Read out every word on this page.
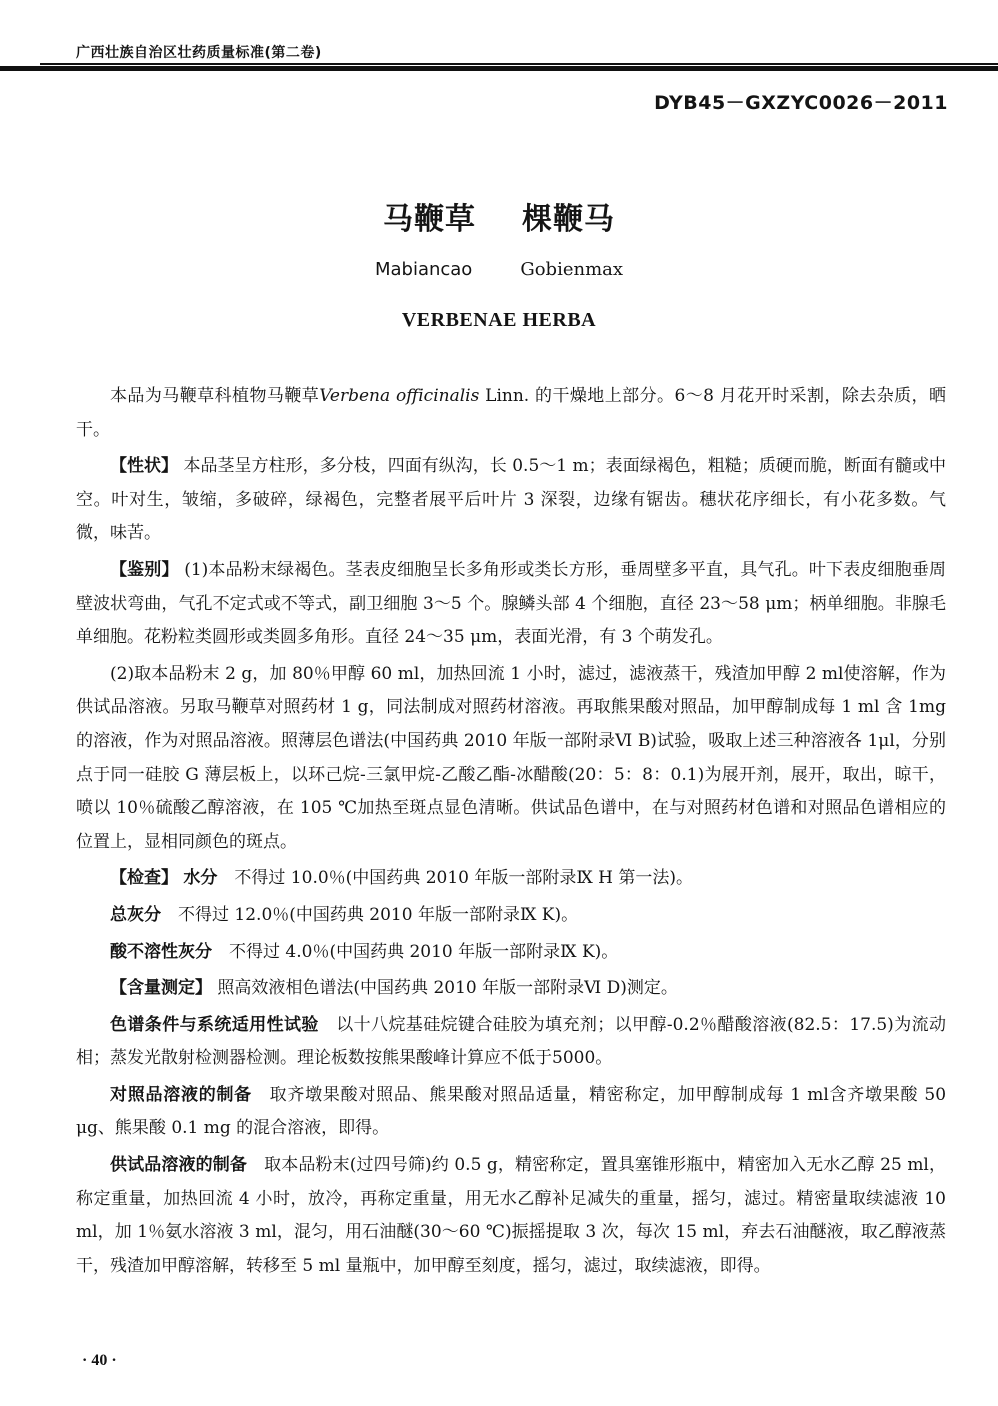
广西壮族自治区壮药质量标准(第二卷)
DYB45－GXZYC0026－2011
马鞭草 棵鞭马
Mabiancao	Gobienmax
VERBENAE HERBA

本品为马鞭草科植物马鞭草Verbena officinalis Linn. 的干燥地上部分。6～8 月花开时采割，除去杂质，晒干。

【性状】 本品茎呈方柱形，多分枝，四面有纵沟，长 0.5～1 m；表面绿褐色，粗糙；质硬而脆，断面有髓或中空。叶对生，皱缩，多破碎，绿褐色，完整者展平后叶片 3 深裂，边缘有锯齿。穗状花序细长，有小花多数。气微，味苦。

【鉴别】 (1)本品粉末绿褐色。茎表皮细胞呈长多角形或类长方形，垂周壁多平直，具气孔。叶下表皮细胞垂周壁波状弯曲，气孔不定式或不等式，副卫细胞 3～5 个。腺鳞头部 4 个细胞，直径 23～58 μm；柄单细胞。非腺毛单细胞。花粉粒类圆形或类圆多角形。直径 24～35 μm，表面光滑，有 3 个萌发孔。

(2)取本品粉末 2 g，加 80％甲醇 60 ml，加热回流 1 小时，滤过，滤液蒸干，残渣加甲醇 2 ml使溶解，作为供试品溶液。另取马鞭草对照药材 1 g，同法制成对照药材溶液。再取熊果酸对照品，加甲醇制成每 1 ml 含 1mg 的溶液，作为对照品溶液。照薄层色谱法(中国药典 2010 年版一部附录Ⅵ B)试验，吸取上述三种溶液各 1μl，分别点于同一硅胶 G 薄层板上，以环己烷-三氯甲烷-乙酸乙酯-冰醋酸(20：5：8：0.1)为展开剂，展开，取出，晾干，喷以 10％硫酸乙醇溶液，在 105 ℃加热至斑点显色清晰。供试品色谱中，在与对照药材色谱和对照品色谱相应的位置上，显相同颜色的斑点。

【检查】 水分　 不得过 10.0％(中国药典 2010 年版一部附录Ⅸ H 第一法)。

总灰分　 不得过 12.0％(中国药典 2010 年版一部附录Ⅸ K)。

酸不溶性灰分　 不得过 4.0％(中国药典 2010 年版一部附录Ⅸ K)。

【含量测定】 照高效液相色谱法(中国药典 2010 年版一部附录Ⅵ D)测定。

色谱条件与系统适用性试验　 以十八烷基硅烷键合硅胶为填充剂；以甲醇-0.2％醋酸溶液(82.5：17.5)为流动相；蒸发光散射检测器检测。理论板数按熊果酸峰计算应不低于5000。

对照品溶液的制备　 取齐墩果酸对照品、熊果酸对照品适量，精密称定，加甲醇制成每 1 ml含齐墩果酸 50 μg、熊果酸 0.1 mg 的混合溶液，即得。

供试品溶液的制备　 取本品粉末(过四号筛)约 0.5 g，精密称定，置具塞锥形瓶中，精密加入无水乙醇 25 ml，称定重量，加热回流 4 小时，放冷，再称定重量，用无水乙醇补足减失的重量，摇匀，滤过。精密量取续滤液 10 ml，加 1％氨水溶液 3 ml，混匀，用石油醚(30～60 ℃)振摇提取 3 次，每次 15 ml，弃去石油醚液，取乙醇液蒸干，残渣加甲醇溶解，转移至 5 ml 量瓶中，加甲醇至刻度，摇匀，滤过，取续滤液，即得。

· 40 ·
